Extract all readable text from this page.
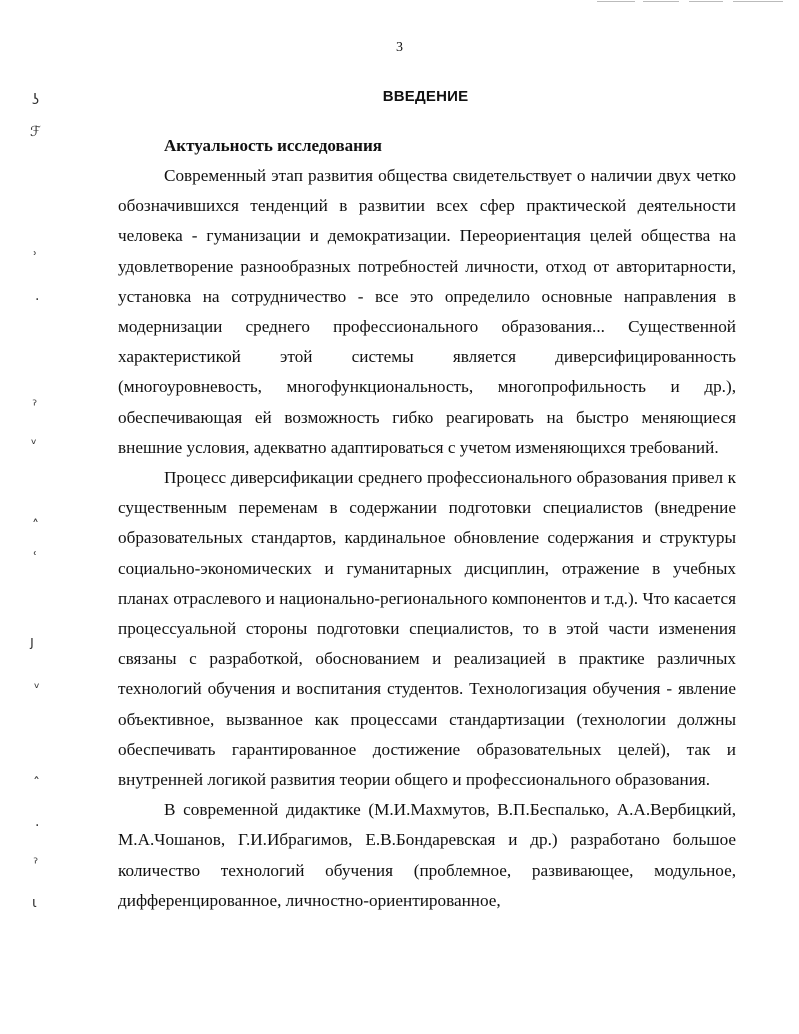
ʖ
ℱ
ʾ
·
ˀ
ᵥ
˄
ʿ
ȷ
ᵥ
ˆ
·
ˀ
ɩ
3
ВВЕДЕНИЕ
Актуальность исследования

Современный этап развития общества свидетельствует о наличии двух четко обозначившихся тенденций в развитии всех сфер практической деятельности человека - гуманизации и демократизации. Переориентация целей общества на удовлетворение разнообразных потребностей личности, отход от авторитарности, установка на сотрудничество - все это определило основные направления в модернизации среднего профессионального образования... Существенной характеристикой этой системы является диверсифицированность (многоуровневость, многофункциональность, многопрофильность и др.), обеспечивающая ей возможность гибко реагировать на быстро меняющиеся внешние условия, адекватно адаптироваться с учетом изменяющихся требований.

Процесс диверсификации среднего профессионального образования привел к существенным переменам в содержании подготовки специалистов (внедрение образовательных стандартов, кардинальное обновление содержания и структуры социально-экономических и гуманитарных дисциплин, отражение в учебных планах отраслевого и национально-регионального компонентов и т.д.). Что касается процессуальной стороны подготовки специалистов, то в этой части изменения связаны с разработкой, обоснованием и реализацией в практике различных технологий обучения и воспитания студентов. Технологизация обучения - явление объективное, вызванное как процессами стандартизации (технологии должны обеспечивать гарантированное достижение образовательных целей), так и внутренней логикой развития теории общего и профессионального образования.

В современной дидактике (М.И.Махмутов, В.П.Беспалько, А.А.Вербицкий, М.А.Чошанов, Г.И.Ибрагимов, Е.В.Бондаревская и др.) разработано большое количество технологий обучения (проблемное, развивающее, модульное, дифференцированное, личностно-ориентированное,
